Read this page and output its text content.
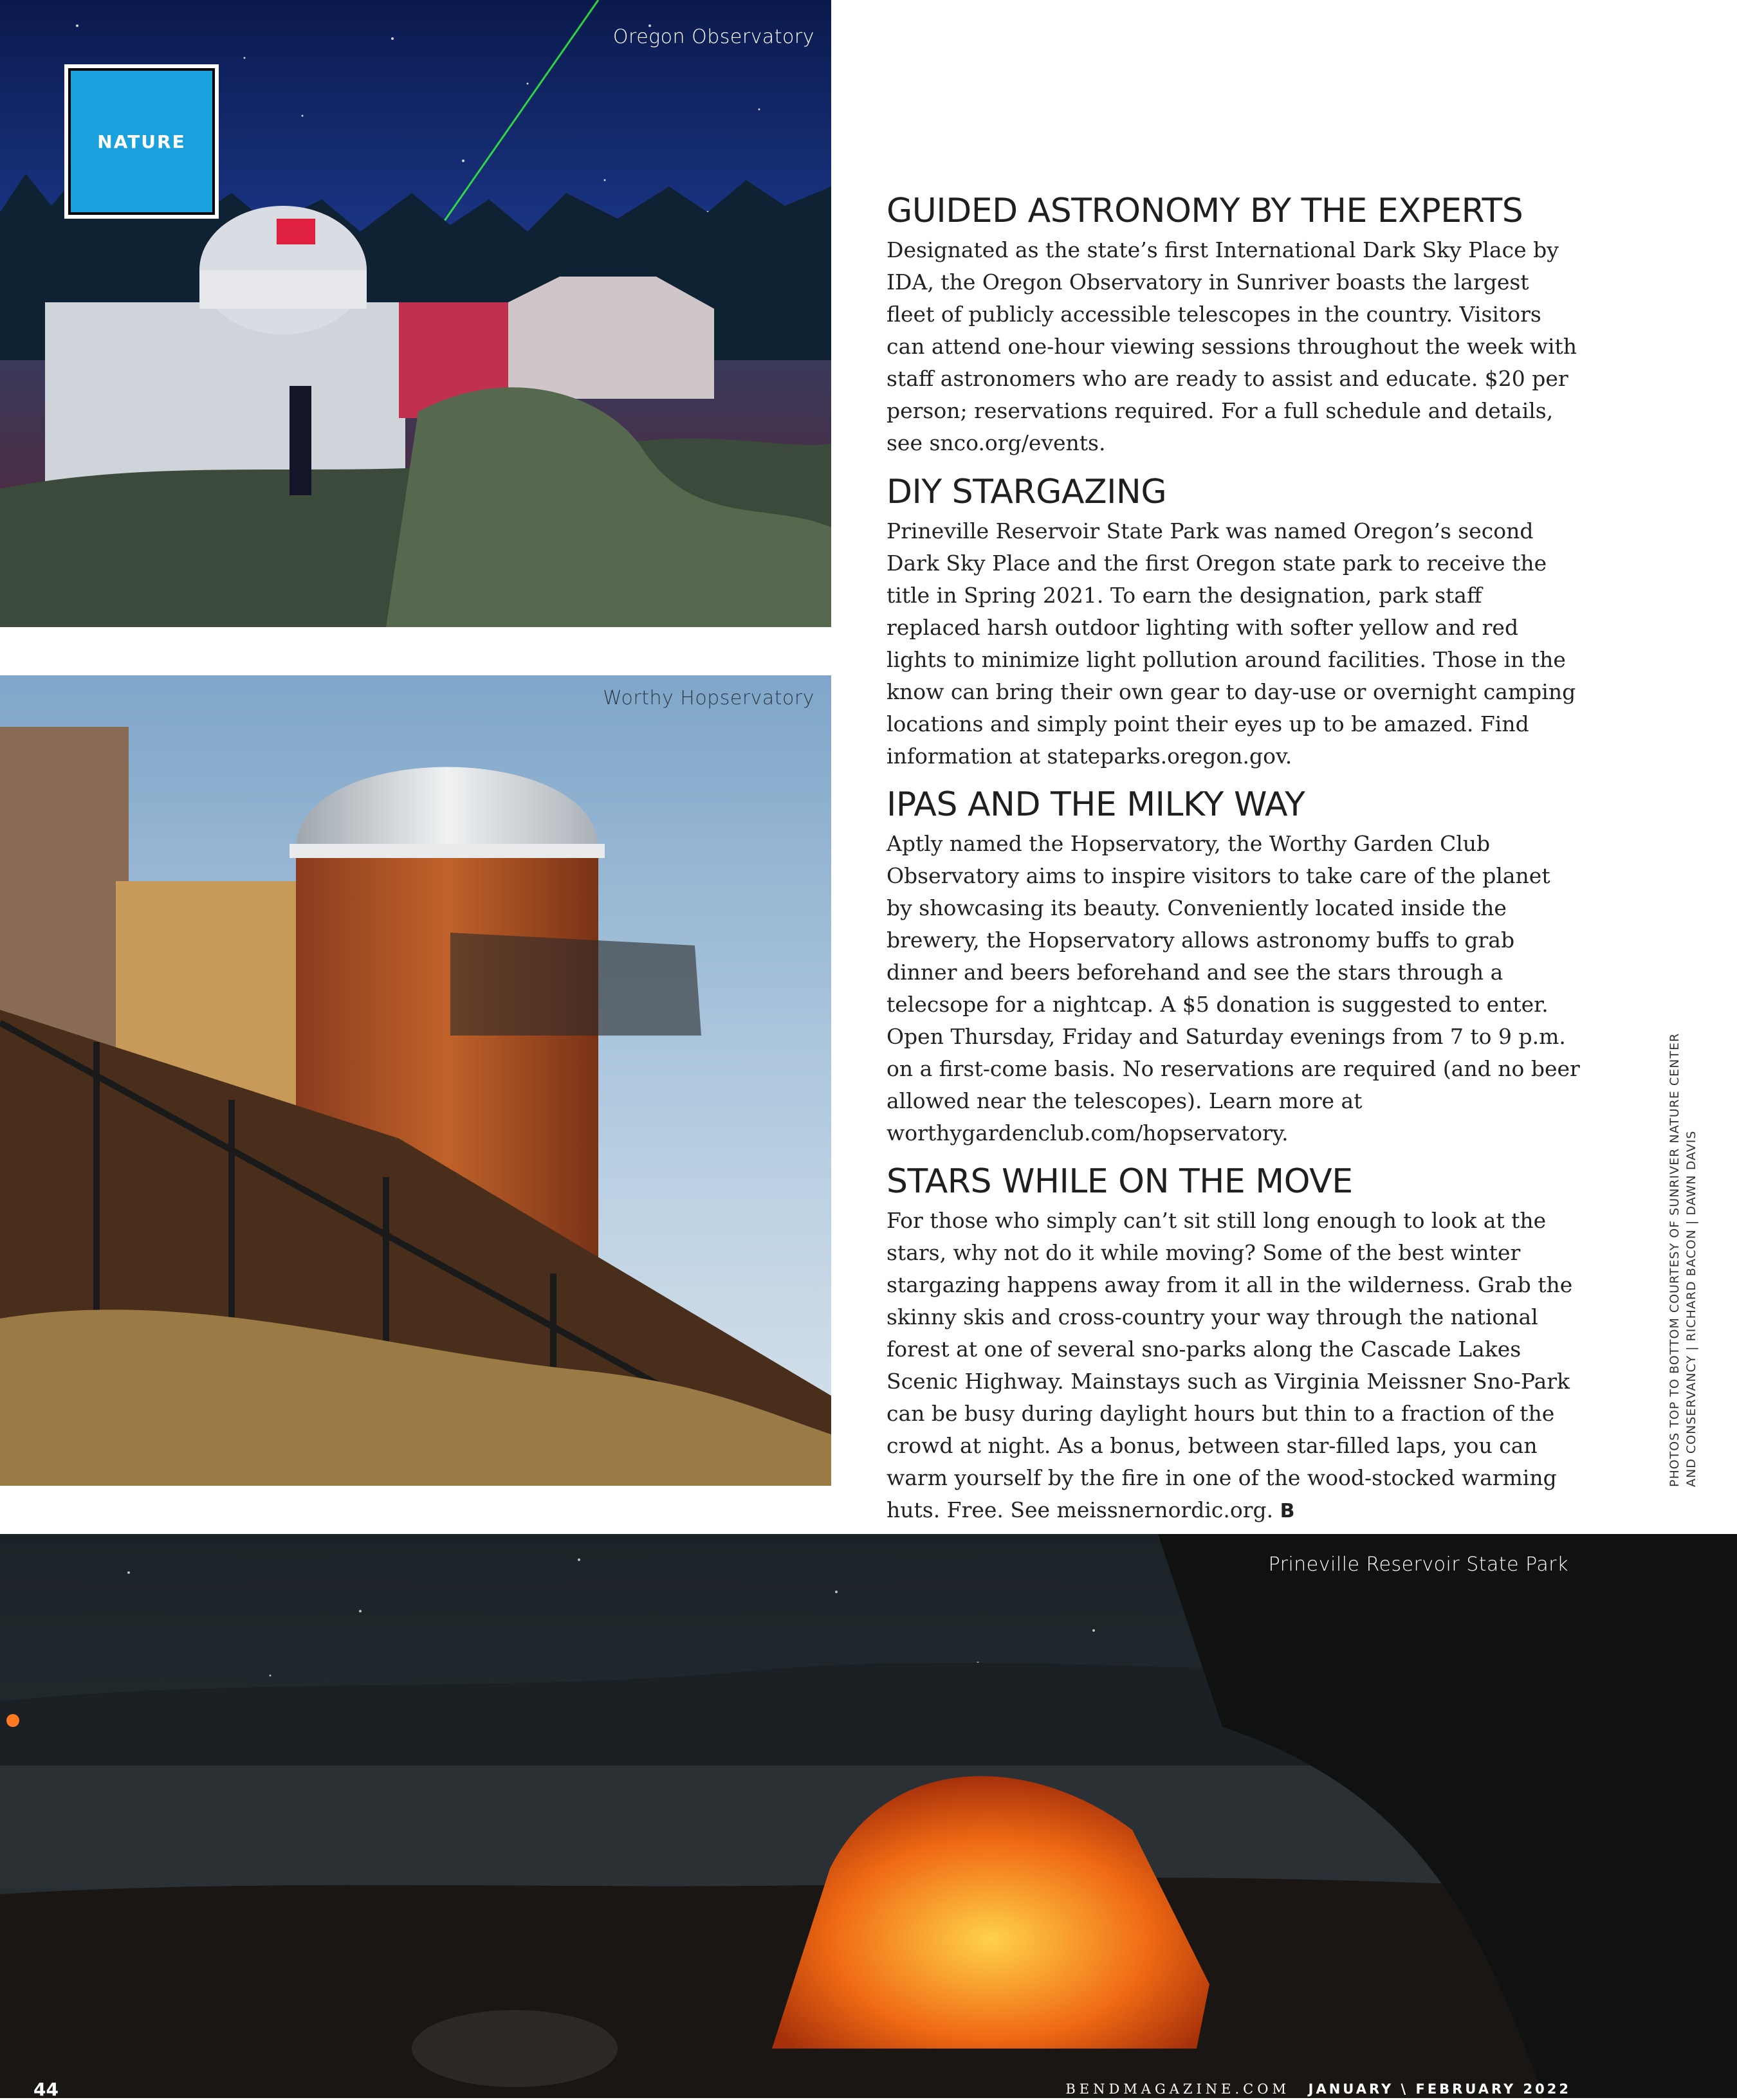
Oregon Observatory
NATURE
Worthy Hopservatory
Prineville Reservoir State Park
GUIDED ASTRONOMY BY THE EXPERTS

Designated as the state’s first International Dark Sky Place by IDA, the Oregon Observatory in Sunriver boasts the largest fleet of publicly accessible telescopes in the country. Visitors can attend one-hour viewing sessions throughout the week with staff astronomers who are ready to assist and educate. $20 per person; reservations required. For a full schedule and details, see snco.org/events.

DIY STARGAZING

Prineville Reservoir State Park was named Oregon’s second Dark Sky Place and the first Oregon state park to receive the title in Spring 2021. To earn the designation, park staff replaced harsh outdoor lighting with softer yellow and red lights to minimize light pollution around facilities. Those in the know can bring their own gear to day-use or overnight camping locations and simply point their eyes up to be amazed. Find information at stateparks.oregon.gov.

IPAS AND THE MILKY WAY

Aptly named the Hopservatory, the Worthy Garden Club Observatory aims to inspire visitors to take care of the planet by showcasing its beauty. Conveniently located inside the brewery, the Hopservatory allows astronomy buffs to grab dinner and beers beforehand and see the stars through a telecsope for a nightcap. A $5 donation is suggested to enter. Open Thursday, Friday and Saturday evenings from 7 to 9 p.m. on a first-come basis. No reservations are required (and no beer allowed near the telescopes). Learn more at worthygardenclub.com/hopservatory.

STARS WHILE ON THE MOVE

For those who simply can’t sit still long enough to look at the stars, why not do it while moving? Some of the best winter stargazing happens away from it all in the wilderness. Grab the skinny skis and cross-country your way through the national forest at one of several sno-parks along the Cascade Lakes Scenic Highway. Mainstays such as Virginia Meissner Sno-Park can be busy during daylight hours but thin to a fraction of the crowd at night. As a bonus, between star-filled laps, you can warm yourself by the fire in one of the wood-stocked warming huts. Free. See meissnernordic.org. B

PHOTOS TOP TO BOTTOM COURTESY OF SUNRIVER NATURE CENTER AND CONSERVANCY | RICHARD BACON | DAWN DAVIS
44	BENDMAGAZINE.COM JANUARY \ FEBRUARY 2022
